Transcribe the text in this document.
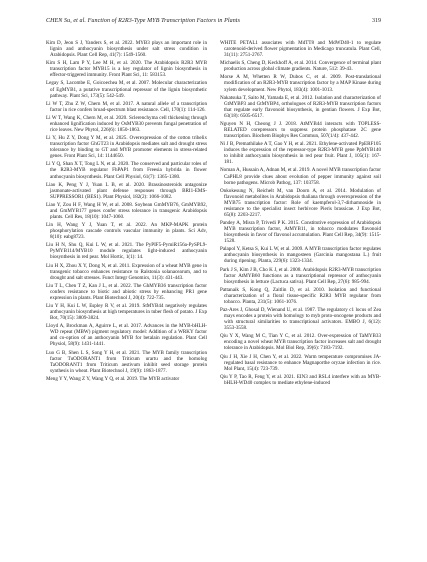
CHEN Su, et al. Function of R2R3-Type MYB Transcription Factors in Plants	319

Kim D, Jeon S J, Yanders S, et al. 2022. MYB3 plays an important role in lignin and anthocyanin biosynthesis under salt stress condition in Arabidopsis. Plant Cell Rep, 41(7): 1549-1560.

Kim S H, Lam P Y, Lee M H, et al. 2020. The Arabidopsis R2R3 MYB transcription factor MYB15 is a key regulator of lignin biosynthesis in effector-triggered immunity. Front Plant Sci, 11: 583153.

Legay S, Lacombe E, Goicoechea M, et al. 2007. Molecular characterization of EgMYB1, a putative transcriptional repressor of the lignin biosynthetic pathway. Plant Sci, 173(5): 542-549.

Li W T, Zhu Z W, Chern M, et al. 2017. A natural allele of a transcription factor in rice confers broad-spectrum blast resistance. Cell, 170(1): 114-126.

Li W T, Wang K, Chern M, et al. 2020. Sclerenchyma cell thickening through enhanced lignification induced by OsMYB30 prevents fungal penetration of rice leaves. New Phytol, 226(6): 1850-1863.

Li Y, Hu Z Y, Dong Y M, et al. 2025. Overexpression of the cotton trihelix transcription factor GhGT23 in Arabidopsis mediates salt and drought stress tolerance by binding to GT and MYB promoter elements in stress-related genes. Front Plant Sci, 14: 1144650.

Li Y Q, Shan X T, Tong L N, et al. 2020. The conserved and particular roles of the R2R3-MYB regulator FhPAP1 from Freesia hybrida in flower anthocyanin biosynthesis. Plant Cell Physiol, 61(7): 1365-1380.

Liao K, Peng Y J, Yuan L B, et al. 2020. Brassinosteroids antagonize jasmonate-activated plant defense responses through BRI1-EMS-SUPPRESSOR1 (BES1). Plant Physiol, 182(2): 1066-1082.

Liao Y, Zou H F, Wang H W, et al. 2008. Soybean GmMYB76, GmMYB92, and GmMYB177 genes confer stress tolerance in transgenic Arabidopsis plants. Cell Res, 18(10): 1047-1060.

Lin H, Wang Y J, Yuan T, et al. 2022. An MKP-MAPK protein phosphorylation cascade controls vascular immunity in plants. Sci Adv, 8(10): eabg8723.

Liu H N, Shu Q, Kui L W, et al. 2021. The PyPIF5-PymiR156a-PySPL9-PyMYB114/MYB10 module regulates light-induced anthocyanin biosynthesis in red pear. Mol Hortic, 1(1): 14.

Liu H X, Zhou X Y, Dong N, et al. 2011. Expression of a wheat MYB gene in transgenic tobacco enhances resistance to Ralstonia solanacearum, and to drought and salt stresses. Funct Integr Genomics, 11(3): 431-443.

Liu T L, Chen T Z, Kan J L, et al. 2022. The GhMYB36 transcription factor confers resistance to biotic and abiotic stress by enhancing PR1 gene expression in plants. Plant Biotechnol J, 20(4): 722-735.

Liu Y H, Kui L W, Espley R V, et al. 2019. StMYB44 negatively regulates anthocyanin biosynthesis at high temperatures in tuber flesh of potato. J Exp Bot, 70(15): 3809-3824.

Lloyd A, Brockman A, Aguirre L, et al. 2017. Advances in the MYB-bHLH-WD repeat (MBW) pigment regulatory model: Addition of a WRKY factor and co-option of an anthocyanin MYB for betalain regulation. Plant Cell Physiol, 58(9): 1431-1441.

Luo G B, Shen L S, Song Y H, et al. 2021. The MYB family transcription factor TuODORANT1 from Triticum urartu and the homolog TaODORANT1 from Triticum aestivum inhibit seed storage protein synthesis in wheat. Plant Biotechnol J, 19(9): 1863-1877.

Meng Y Y, Wang Z Y, Wang Y Q, et al. 2019. The MYB activator

WHITE PETAL1 associates with MdTT8 and MdWD40-1 to regulate carotenoid-derived flower pigmentation in Medicago truncatula. Plant Cell, 31(11): 2751-2767.

Michaelis S, Cheng D, Keckhoff A, et al. 2014. Convergence of terminal plant production across global climate gradients. Nature, 512: 39-43.

Morse A M, Whetten R W, Dubos C, et al. 2009. Post-translational modification of an R2R3-MYB transcription factor by a MAP Kinase during xylem development. New Phytol, 183(4): 1001-1013.

Nakatsuka T, Saito M, Yamada E, et al. 2012. Isolation and characterization of GtMYBP3 and GtMYBP4, orthologues of R2R3-MYB transcription factors that regulate early flavonoid biosynthesis, in gentian flowers. J Exp Bot, 63(18): 6505-6517.

Nguyen N H, Cheong J J. 2018. AtMYB44 interacts with TOPLESS-RELATED corepressors to suppress protein phosphatase 2C gene transcription. Biochem Biophys Res Commun, 507(1/4): 437-442.

Ni J B, Premathilake A T, Gao Y H, et al. 2021. Ethylene-activated PpERF105 induces the expression of the repressor-type R2R3-MYB gene PpMYB140 to inhibit anthocyanin biosynthesis in red pear fruit. Plant J, 105(1): 167-181.

Noman A, Hussain A, Adnan M, et al. 2019. A novel MYB transcription factor CaPHL8 provide clues about evolution of pepper immunity against soil borne pathogens. Microb Pathog, 137: 103758.

Onkokesung N, Reichelt M, van Doorn A, et al. 2014. Modulation of flavonoid metabolites in Arabidopsis thaliana through overexpression of the MYB75 transcription factor: Role of kaempferol-3,7-dirhamnoside in resistance to the specialist insect herbivore Pieris brassicae. J Exp Bot, 65(8): 2203-2217.

Pandey A, Misra P, Trivedi P K. 2015. Constitutive expression of Arabidopsis MYB transcription factor, AtMYB11, in tobacco modulates flavonoid biosynthesis in favor of flavonol accumulation. Plant Cell Rep, 34(9): 1515-1528.

Palapol Y, Ketsa S, Kui L W, et al. 2009. A MYB transcription factor regulates anthocyanin biosynthesis in mangosteen (Garcinia mangostana L.) fruit during ripening. Planta, 229(6): 1323-1334.

Park J S, Kim J B, Cho K J, et al. 2008. Arabidopsis R2R3-MYB transcription factor AtMYB60 functions as a transcriptional repressor of anthocyanin biosynthesis in lettuce (Lactuca sativa). Plant Cell Rep, 27(6): 985-994.

Pattanaik S, Kong Q, Zaitlin D, et al. 2010. Isolation and functional characterization of a floral tissue-specific R2R3 MYB regulator from tobacco. Planta, 231(5): 1061-1076.

Paz-Ares J, Ghosal D, Wienand U, et al. 1987. The regulatory c1 locus of Zea mays encodes a protein with homology to myb proto-oncogene products and with structural similarities to transcriptional activators. EMBO J, 6(12): 3553-3558.

Qiu Y X, Wang M C, Tian Y C, et al. 2012. Over-expression of TaMYB33 encoding a novel wheat MYB transcription factor increases salt and drought tolerance in Arabidopsis. Mol Biol Rep, 39(6): 7183-7192.

Qiu J H, Xie J H, Chen Y, et al. 2022. Warm temperature compromises JA-regulated basal resistance to enhance Magnaporthe oryzae infection in rice. Mol Plant, 15(4): 723-739.

Qiu Y P, Tao R, Feng Y, et al. 2021. EIN3 and RSL4 interfere with an MYB-bHLH-WD40 complex to mediate ethylene-induced
